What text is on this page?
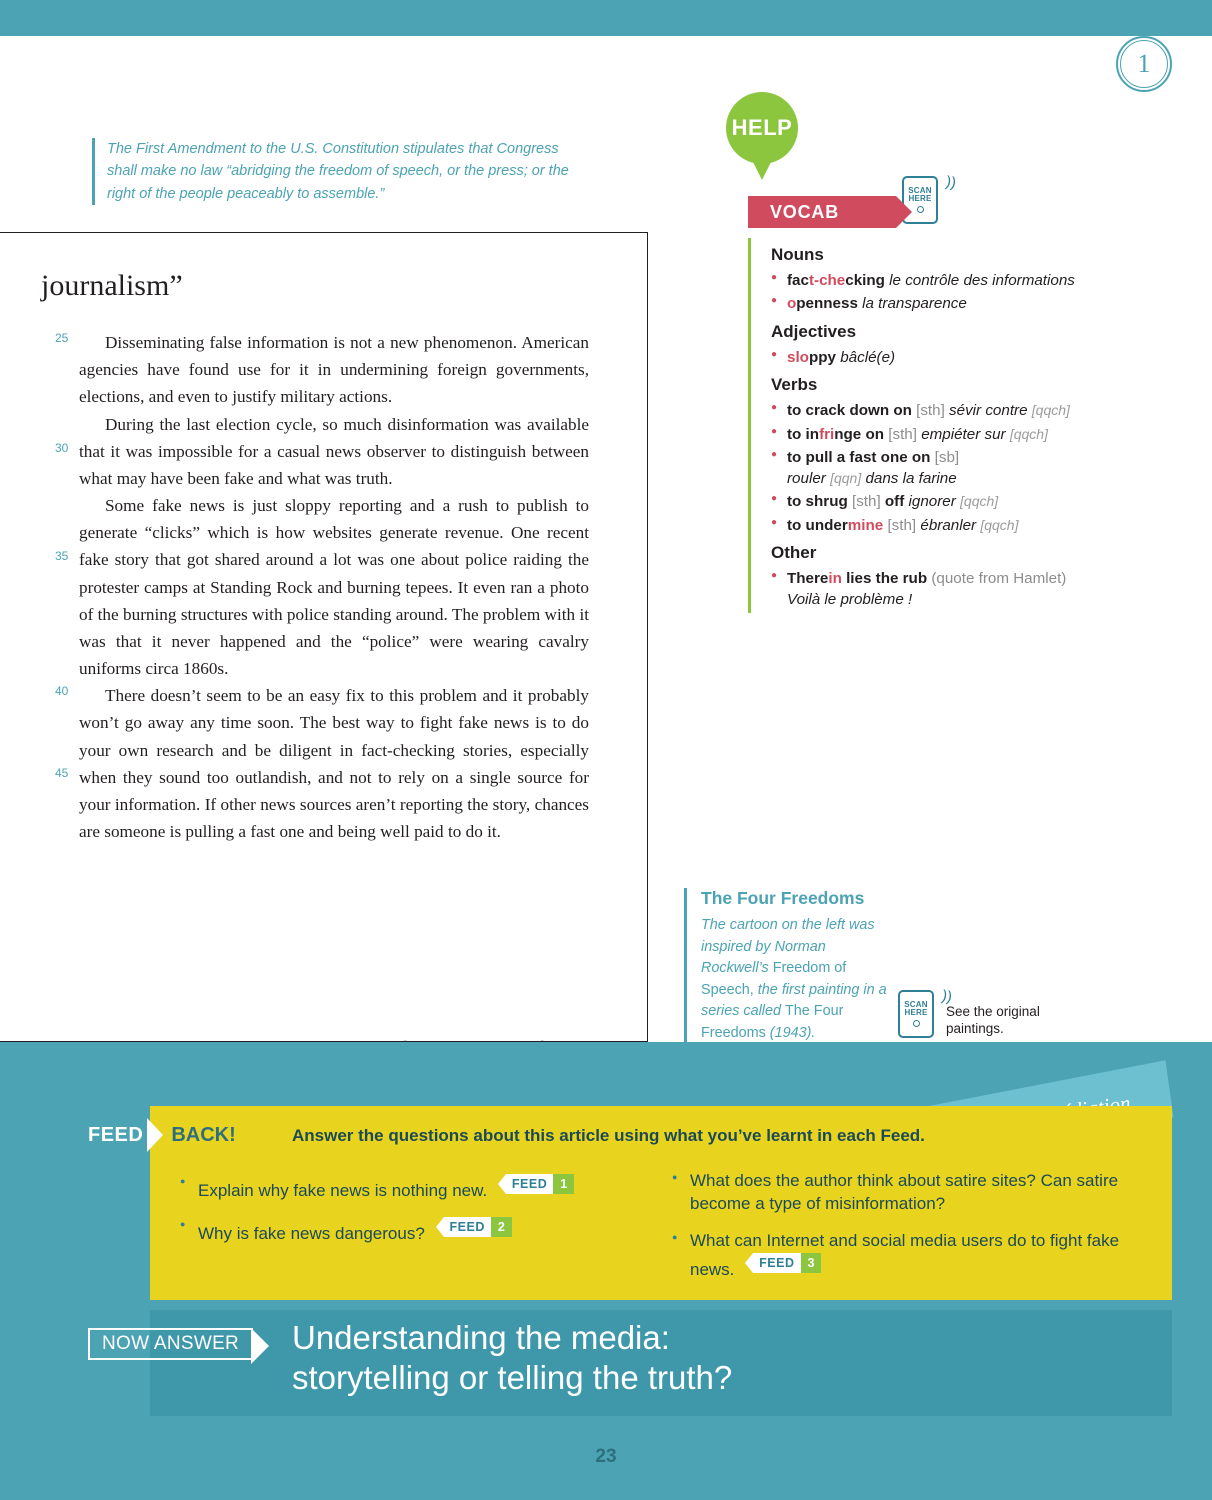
1
The First Amendment to the U.S. Constitution stipulates that Congress shall make no law “abridging the freedom of speech, or the press; or the right of the people peaceably to assemble.”
journalism”

25 Disseminating false information is not a new phenomenon. American agencies have found use for it in undermining foreign governments, elections, and even to justify military actions.

30
During the last election cycle, so much disinformation was available that it was impossible for a casual news observer to distinguish between what may have been fake and what was truth.

35
Some fake news is just sloppy reporting and a rush to publish to generate “clicks” which is how websites generate revenue. One recent fake story that got shared around a lot was one about police raiding the protester camps at Standing Rock and burning tepees. It even ran a photo of the burning structures with police standing around. The problem with it was that it never happened and the “police” were wearing cavalry uniforms circa 1860s.

40
45
There doesn’t seem to be an easy fix to this problem and it probably won’t go away any time soon. The best way to fight fake news is to do your own research and be diligent in fact-checking stories, especially when they sound too outlandish, and not to rely on a single source for your information. If other news sources aren’t reporting the story, chances are someone is pulling a fast one and being well paid to do it.

HELP
SCAN
HERE
))
VOCAB
Nouns
● fact-checking le contrôle des informations
● openness la transparence
Adjectives
● sloppy bâclé(e)
Verbs
● to crack down on [sth] sévir contre [qqch]
● to infringe on [sth] empiéter sur [qqch]
● to pull a fast one on [sb]
rouler [qqn] dans la farine
● to shrug [sth] off ignorer [qqch]
● to undermine [sth] ébranler [qqch]
Other
● Therein lies the rub (quote from Hamlet)
Voilà le problème !
The Four Freedoms

The cartoon on the left was inspired by Norman Rockwell’s Freedom of Speech, the first painting in a series called The Four Freedoms (1943).

SCAN
HERE
))
See the original paintings.
FEED BACK!	Answer the questions about this article using what you’ve learnt in each Feed.
● Explain why fake news is nothing new.	FEED	1
● Why is fake news dangerous?	FEED	2
● What does the author think about satire sites? Can satire become a type of misinformation?
● What can Internet and social media users do to fight fake news.	FEED	3
NOW ANSWER	Understanding the media:
storytelling or telling the truth?
23
Citoyenneté et mondes virtuels
